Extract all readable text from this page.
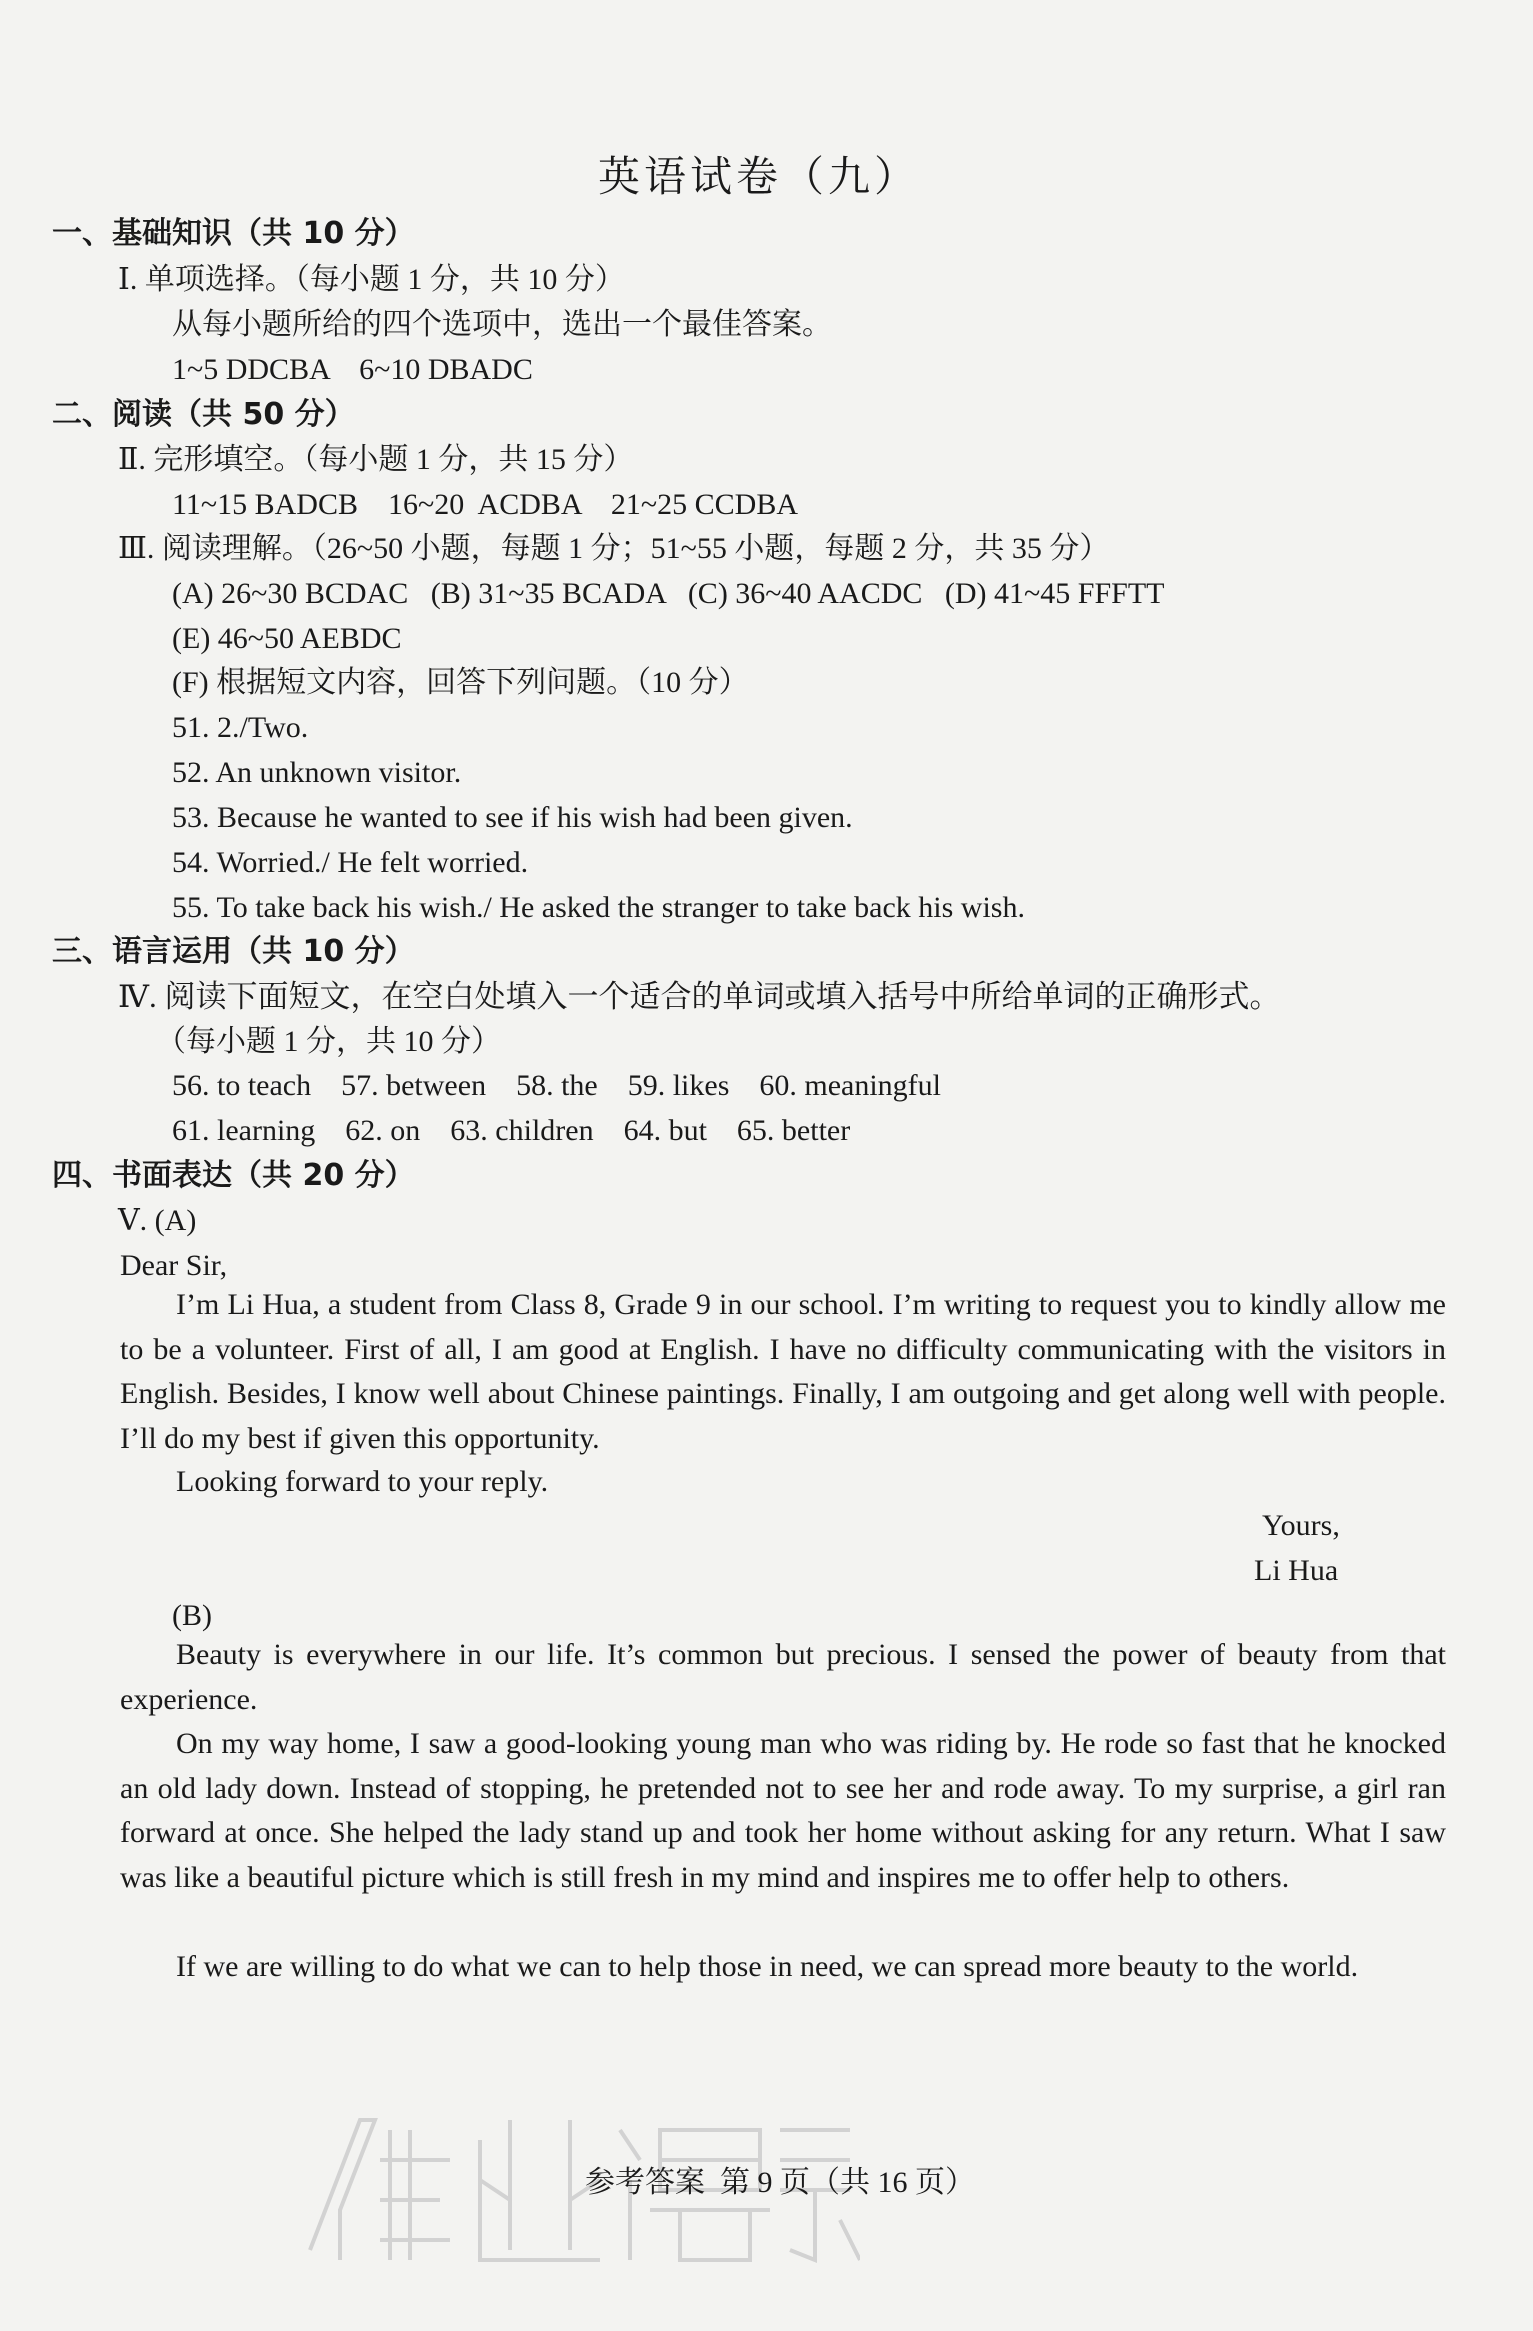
英语试卷（九）
一、基础知识（共 10 分）
Ⅰ. 单项选择。（每小题 1 分，共 10 分）
从每小题所给的四个选项中，选出一个最佳答案。
1~5 DDCBA    6~10 DBADC
二、阅读（共 50 分）
Ⅱ. 完形填空。（每小题 1 分，共 15 分）
11~15 BADCB    16~20  ACDBA    21~25 CCDBA
Ⅲ. 阅读理解。（26~50 小题，每题 1 分；51~55 小题，每题 2 分，共 35 分）
(A) 26~30 BCDAC   (B) 31~35 BCADA   (C) 36~40 AACDC   (D) 41~45 FFFTT
(E) 46~50 AEBDC
(F) 根据短文内容，回答下列问题。（10 分）
51. 2./Two.
52. An unknown visitor.
53. Because he wanted to see if his wish had been given.
54. Worried./ He felt worried.
55. To take back his wish./ He asked the stranger to take back his wish.
三、语言运用（共 10 分）
Ⅳ. 阅读下面短文，在空白处填入一个适合的单词或填入括号中所给单词的正确形式。
（每小题 1 分，共 10 分）
56. to teach    57. between    58. the    59. likes    60. meaningful
61. learning    62. on    63. children    64. but    65. better
四、书面表达（共 20 分）
Ⅴ. (A)
Dear Sir,
I’m Li Hua, a student from Class 8, Grade 9 in our school. I’m writing to request you to kindly allow me to be a volunteer. First of all, I am good at English. I have no difficulty communicating with the visitors in English. Besides, I know well about Chinese paintings. Finally, I am outgoing and get along well with people. I’ll do my best if given this opportunity.
Looking forward to your reply.
Yours,
Li Hua
(B)
Beauty is everywhere in our life. It’s common but precious. I sensed the power of beauty from that experience.
On my way home, I saw a good-looking young man who was riding by. He rode so fast that he knocked an old lady down. Instead of stopping, he pretended not to see her and rode away. To my surprise, a girl ran forward at once. She helped the lady stand up and took her home without asking for any return. What I saw was like a beautiful picture which is still fresh in my mind and inspires me to offer help to others.
If we are willing to do what we can to help those in need, we can spread more beauty to the world.
参考答案  第 9 页（共 16 页）
